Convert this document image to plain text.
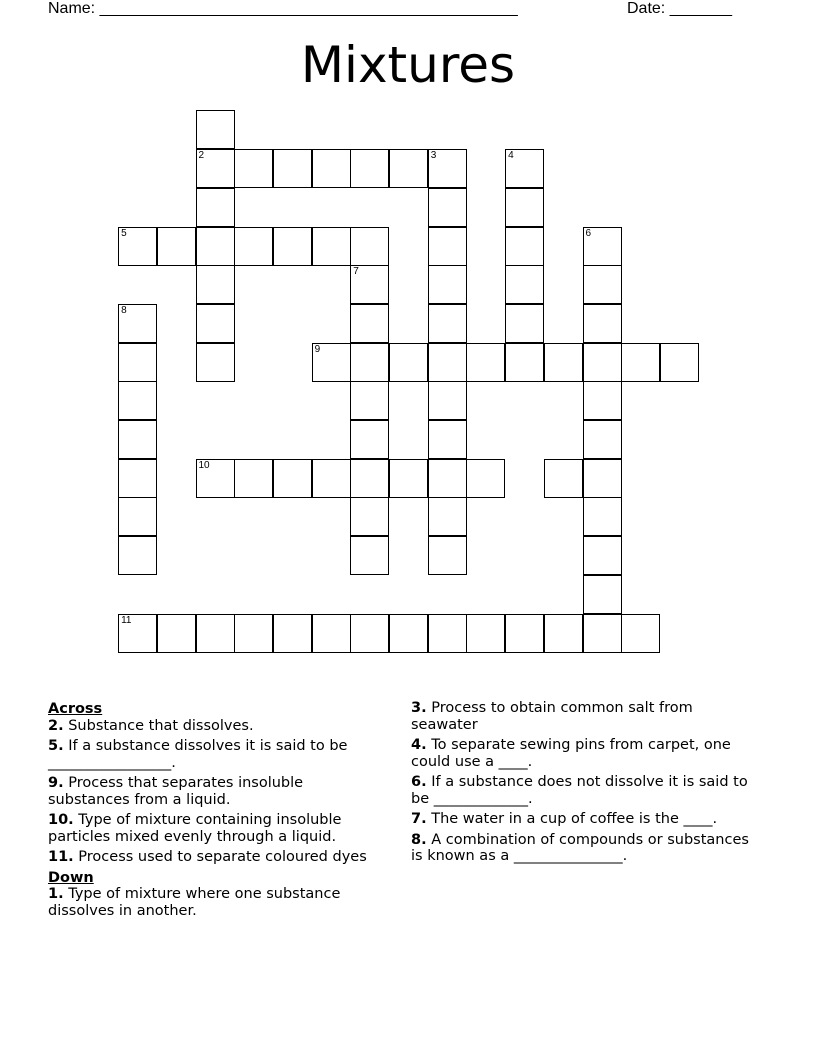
Name: _______________________________________________	Date: _______
Mixtures
2
5
3	4
6
7
8
9
10
11
Across
2. Substance that dissolves.
5. If a substance dissolves it is said to be _________________.
9. Process that separates insoluble substances from a liquid.
10. Type of mixture containing insoluble particles mixed evenly through a liquid.
11. Process used to separate coloured dyes
Down
1. Type of mixture where one substance dissolves in another.
3. Process to obtain common salt from seawater
4. To separate sewing pins from carpet, one could use a ____.
6. If a substance does not dissolve it is said to be _____________.
7. The water in a cup of coffee is the ____.
8. A combination of compounds or substances is known as a _______________.
